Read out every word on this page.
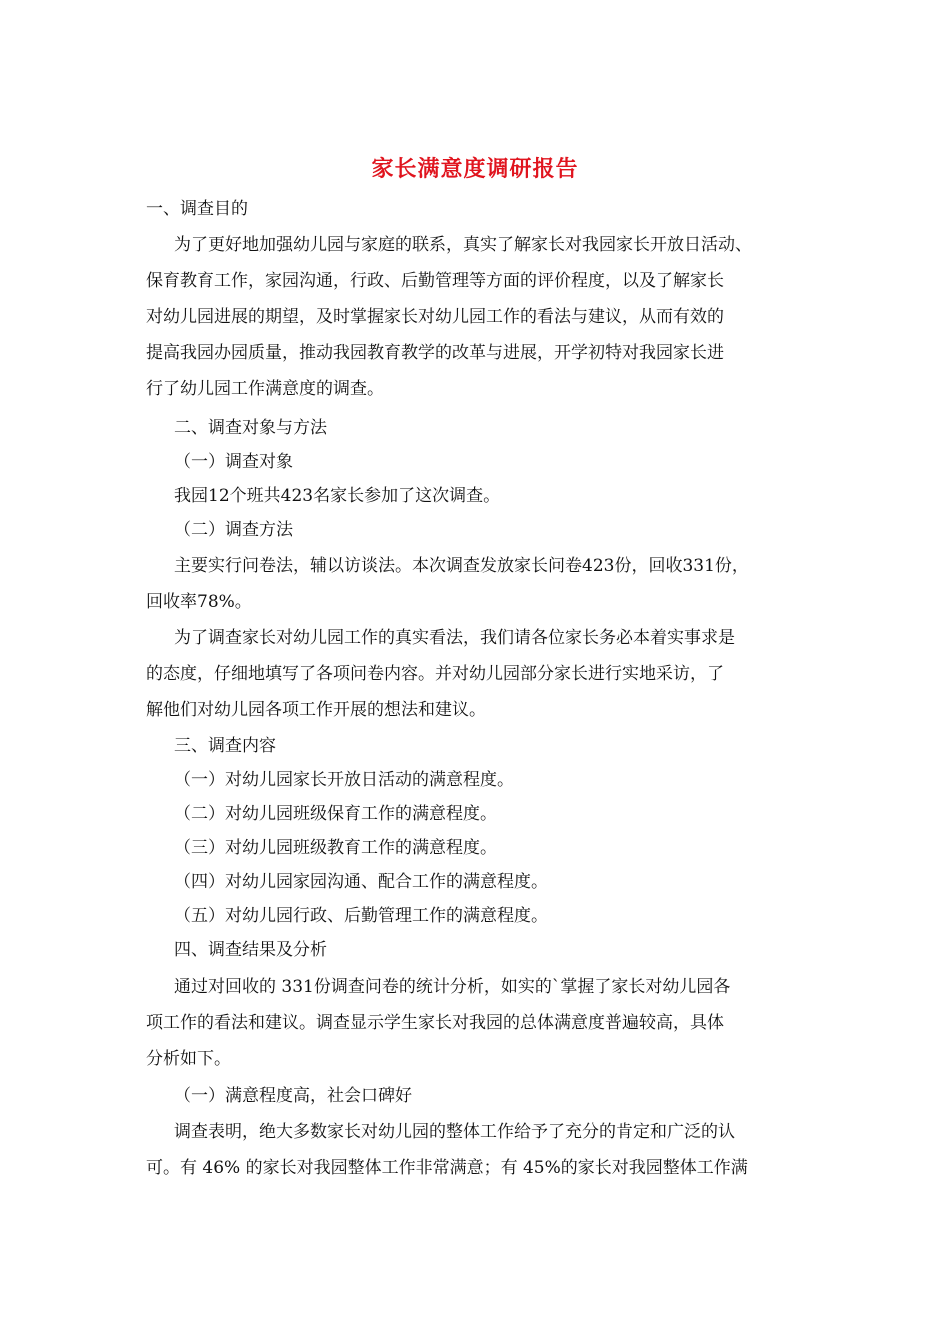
家长满意度调研报告
一、调查目的
为了更好地加强幼儿园与家庭的联系，真实了解家长对我园家长开放日活动、
保育教育工作，家园沟通，行政、后勤管理等方面的评价程度，以及了解家长
对幼儿园进展的期望，及时掌握家长对幼儿园工作的看法与建议，从而有效的
提高我园办园质量，推动我园教育教学的改革与进展，开学初特对我园家长进
行了幼儿园工作满意度的调查。
二、调查对象与方法
（一）调查对象
我园12个班共423名家长参加了这次调查。
（二）调查方法
主要实行问卷法，辅以访谈法。本次调查发放家长问卷423份，回收331份，
回收率78%。
为了调查家长对幼儿园工作的真实看法，我们请各位家长务必本着实事求是
的态度，仔细地填写了各项问卷内容。并对幼儿园部分家长进行实地采访，了
解他们对幼儿园各项工作开展的想法和建议。
三、调查内容
（一）对幼儿园家长开放日活动的满意程度。
（二）对幼儿园班级保育工作的满意程度。
（三）对幼儿园班级教育工作的满意程度。
（四）对幼儿园家园沟通、配合工作的满意程度。
（五）对幼儿园行政、后勤管理工作的满意程度。
四、调查结果及分析
通过对回收的 331份调查问卷的统计分析，如实的`掌握了家长对幼儿园各
项工作的看法和建议。调查显示学生家长对我园的总体满意度普遍较高，具体
分析如下。
（一）满意程度高，社会口碑好
调查表明，绝大多数家长对幼儿园的整体工作给予了充分的肯定和广泛的认
可。有 46% 的家长对我园整体工作非常满意；有 45%的家长对我园整体工作满
